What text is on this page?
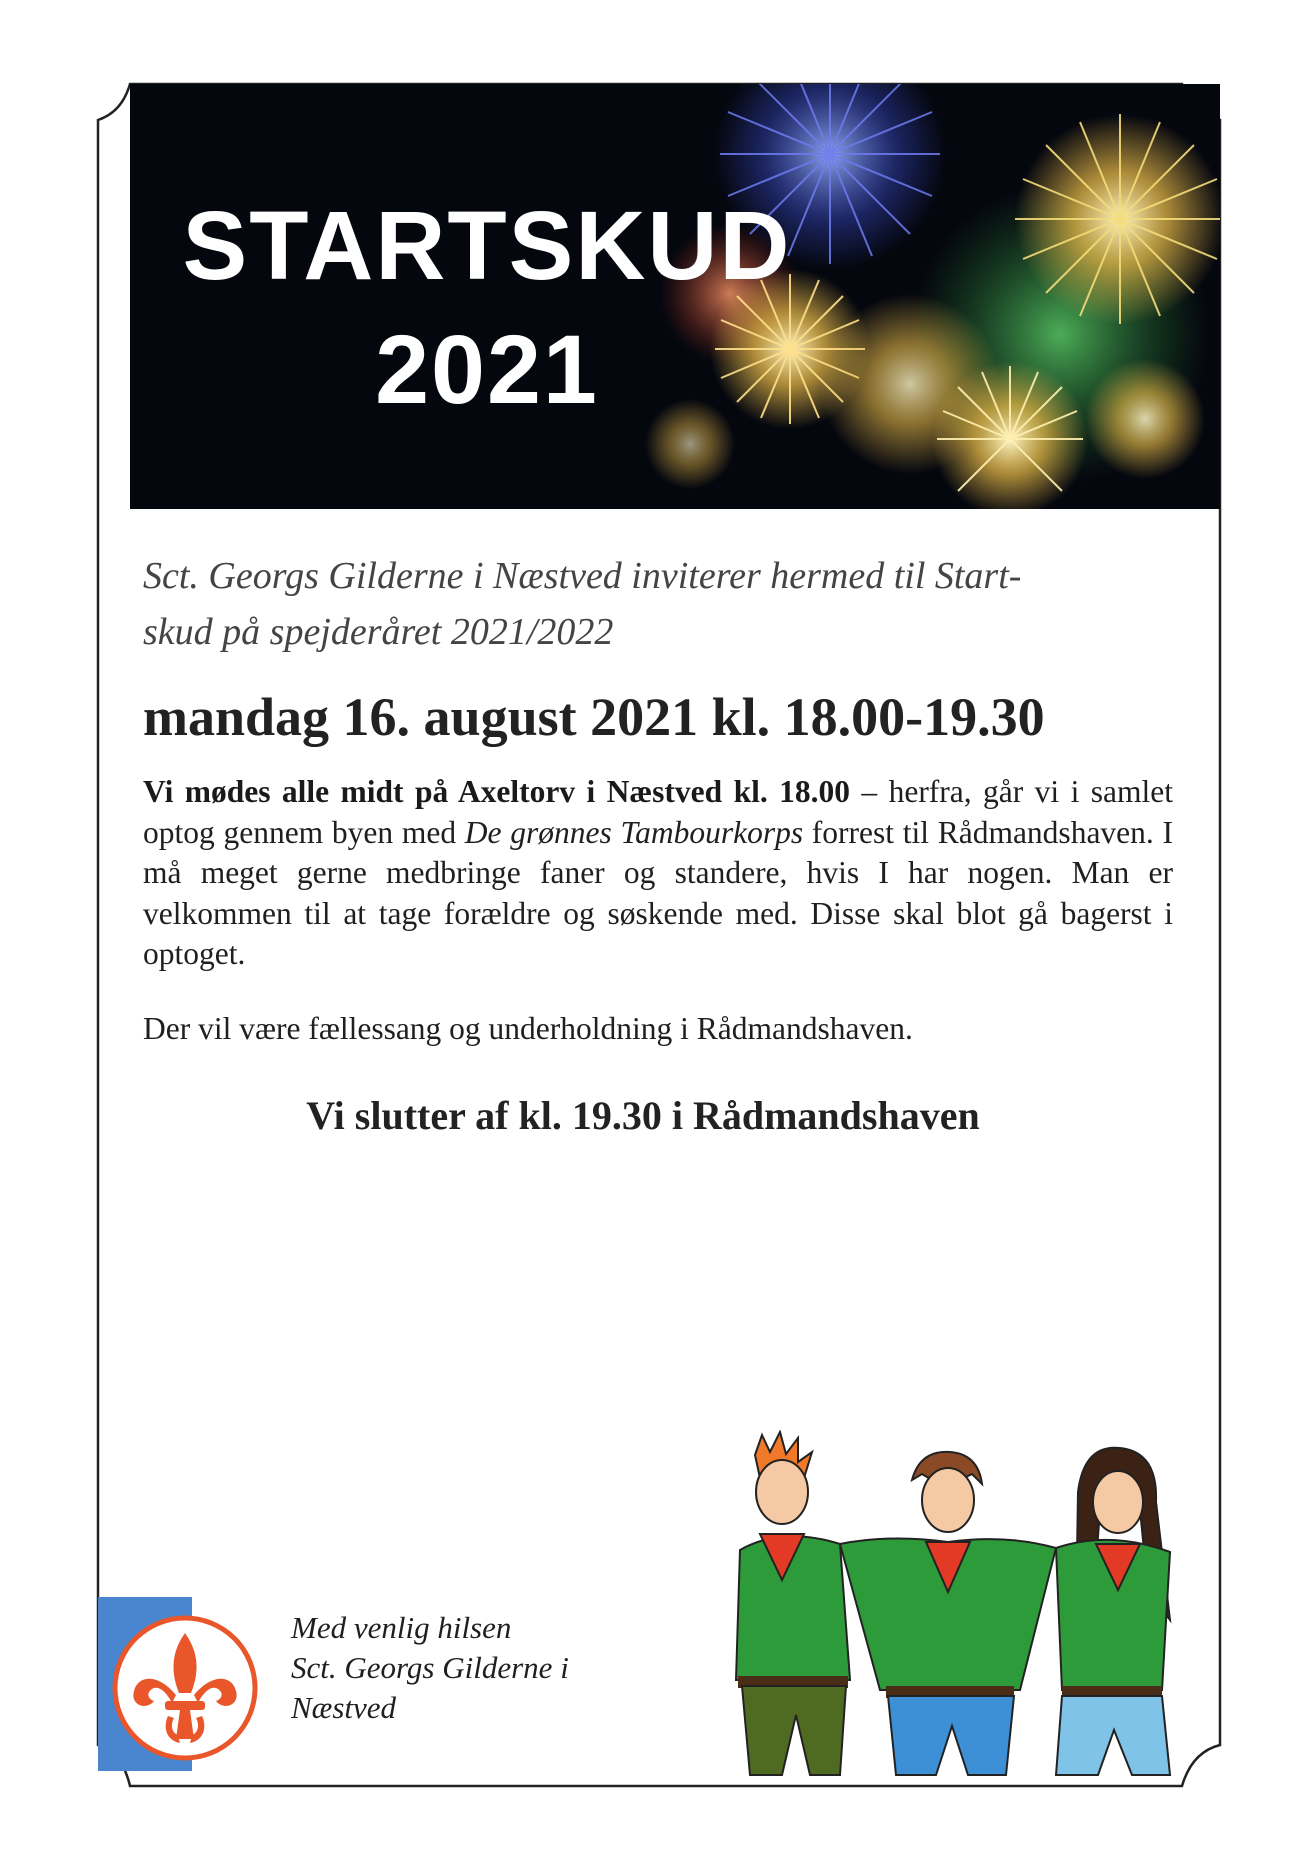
STARTSKUD
2021

Sct. Georgs Gilderne i Næstved inviterer hermed til Start-
skud på spejderåret 2021/2022

mandag 16. august 2021 kl. 18.00-19.30

Vi mødes alle midt på Axeltorv i Næstved kl. 18.00 – herfra, går vi i samlet optog gennem byen med De grønnes Tambourkorps forrest til Rådmandshaven. I må meget gerne medbringe faner og standere, hvis I har nogen. Man er velkommen til at tage forældre og søskende med. Disse skal blot gå bagerst i optoget.

Der vil være fællessang og underholdning i Rådmandshaven.

Vi slutter af kl. 19.30 i Rådmandshaven
Med venlig hilsen
Sct. Georgs Gilderne i
Næstved
